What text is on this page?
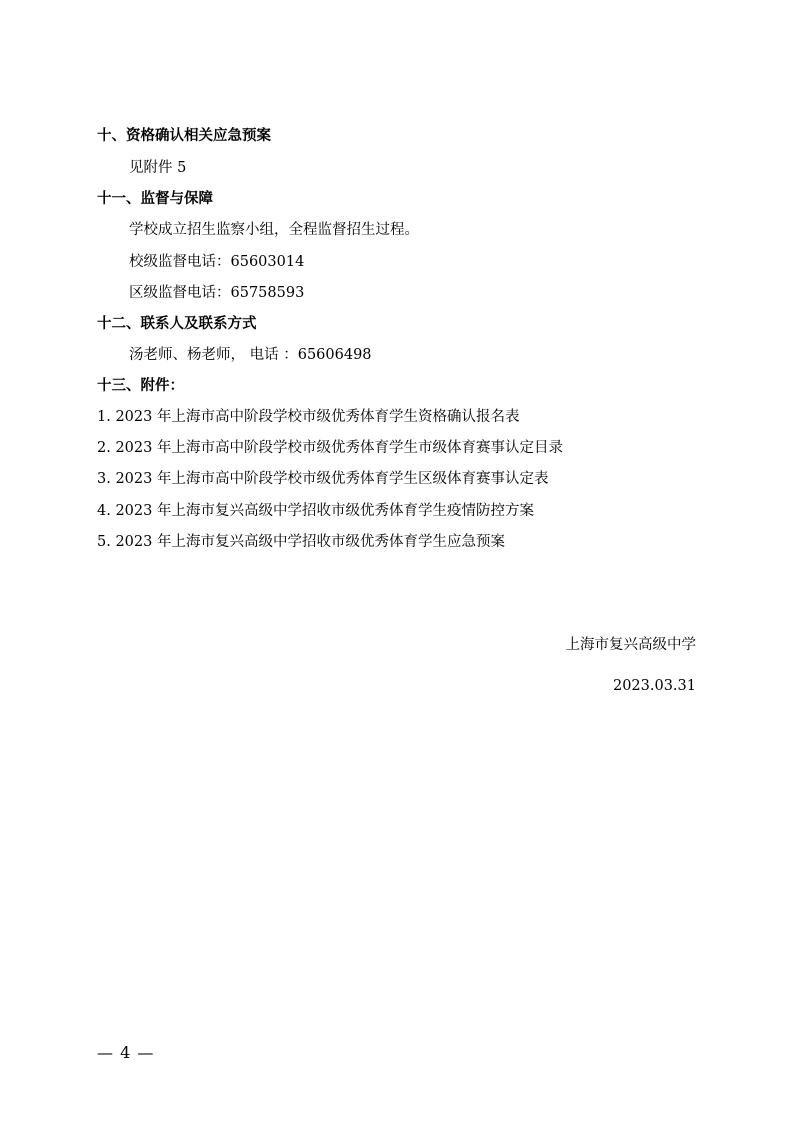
十、资格确认相关应急预案
见附件 5
十一、监督与保障
学校成立招生监察小组，全程监督招生过程。
校级监督电话：65603014
区级监督电话：65758593
十二、联系人及联系方式
汤老师、杨老师， 电话 ：65606498
十三、附件：
1. 2023 年上海市高中阶段学校市级优秀体育学生资格确认报名表
2. 2023 年上海市高中阶段学校市级优秀体育学生市级体育赛事认定目录
3. 2023 年上海市高中阶段学校市级优秀体育学生区级体育赛事认定表
4. 2023 年上海市复兴高级中学招收市级优秀体育学生疫情防控方案
5. 2023 年上海市复兴高级中学招收市级优秀体育学生应急预案
上海市复兴高级中学
2023.03.31
— 4 —
